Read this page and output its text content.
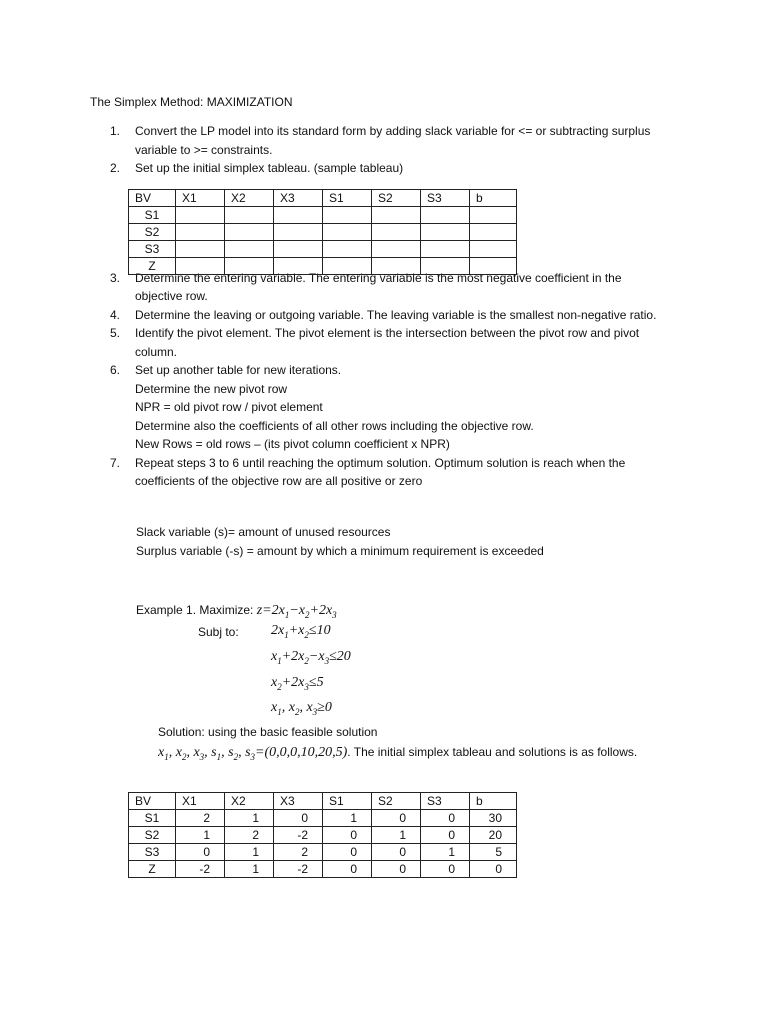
The Simplex Method: MAXIMIZATION
1. Convert the LP model into its standard form by adding slack variable for <= or subtracting surplus
variable to >= constraints.
2. Set up the initial simplex tableau. (sample tableau)
3. Determine the entering variable. The entering variable is the most negative coefficient in the
objective row.
4. Determine the leaving or outgoing variable. The leaving variable is the smallest non-negative ratio.
5. Identify the pivot element. The pivot element is the intersection between the pivot row and pivot
column.
6. Set up another table for new iterations.
Determine the new pivot row
NPR = old pivot row / pivot element
Determine also the coefficients of all other rows including the objective row.
New Rows = old rows – (its pivot column coefficient x NPR)
7. Repeat steps 3 to 6 until reaching the optimum solution. Optimum solution is reach when the
coefficients of the objective row are all positive or zero
BV	X1	X2	X3	S1	S2	S3	b
S1							
S2							
S3							
Z							
Slack variable (s)= amount of unused resources
Surplus variable (-s) = amount by which a minimum requirement is exceeded
Example 1. Maximize: $z=2x_1-x_2+2x_3$
Subj to: $2x_1+x_2\le 10$
$x_1+2x_2-x_3\le 20$
$x_2+2x_3\le 5$
$x_1$, $x_2$, $x_3\ge 0$
Solution: using the basic feasible solution
$x_1$, $x_2$, $x_3$, $s_1$, $s_2$, $s_3=(0,0,0,10,20,5)$. The initial simplex tableau and solutions is as follows.
BV	X1	X2	X3	S1	S2	S3	b
S1	2	1	0	1	0	0	30
S2	1	2	-2	0	1	0	20
S3	0	1	2	0	0	1	5
Z	-2	1	-2	0	0	0	0
